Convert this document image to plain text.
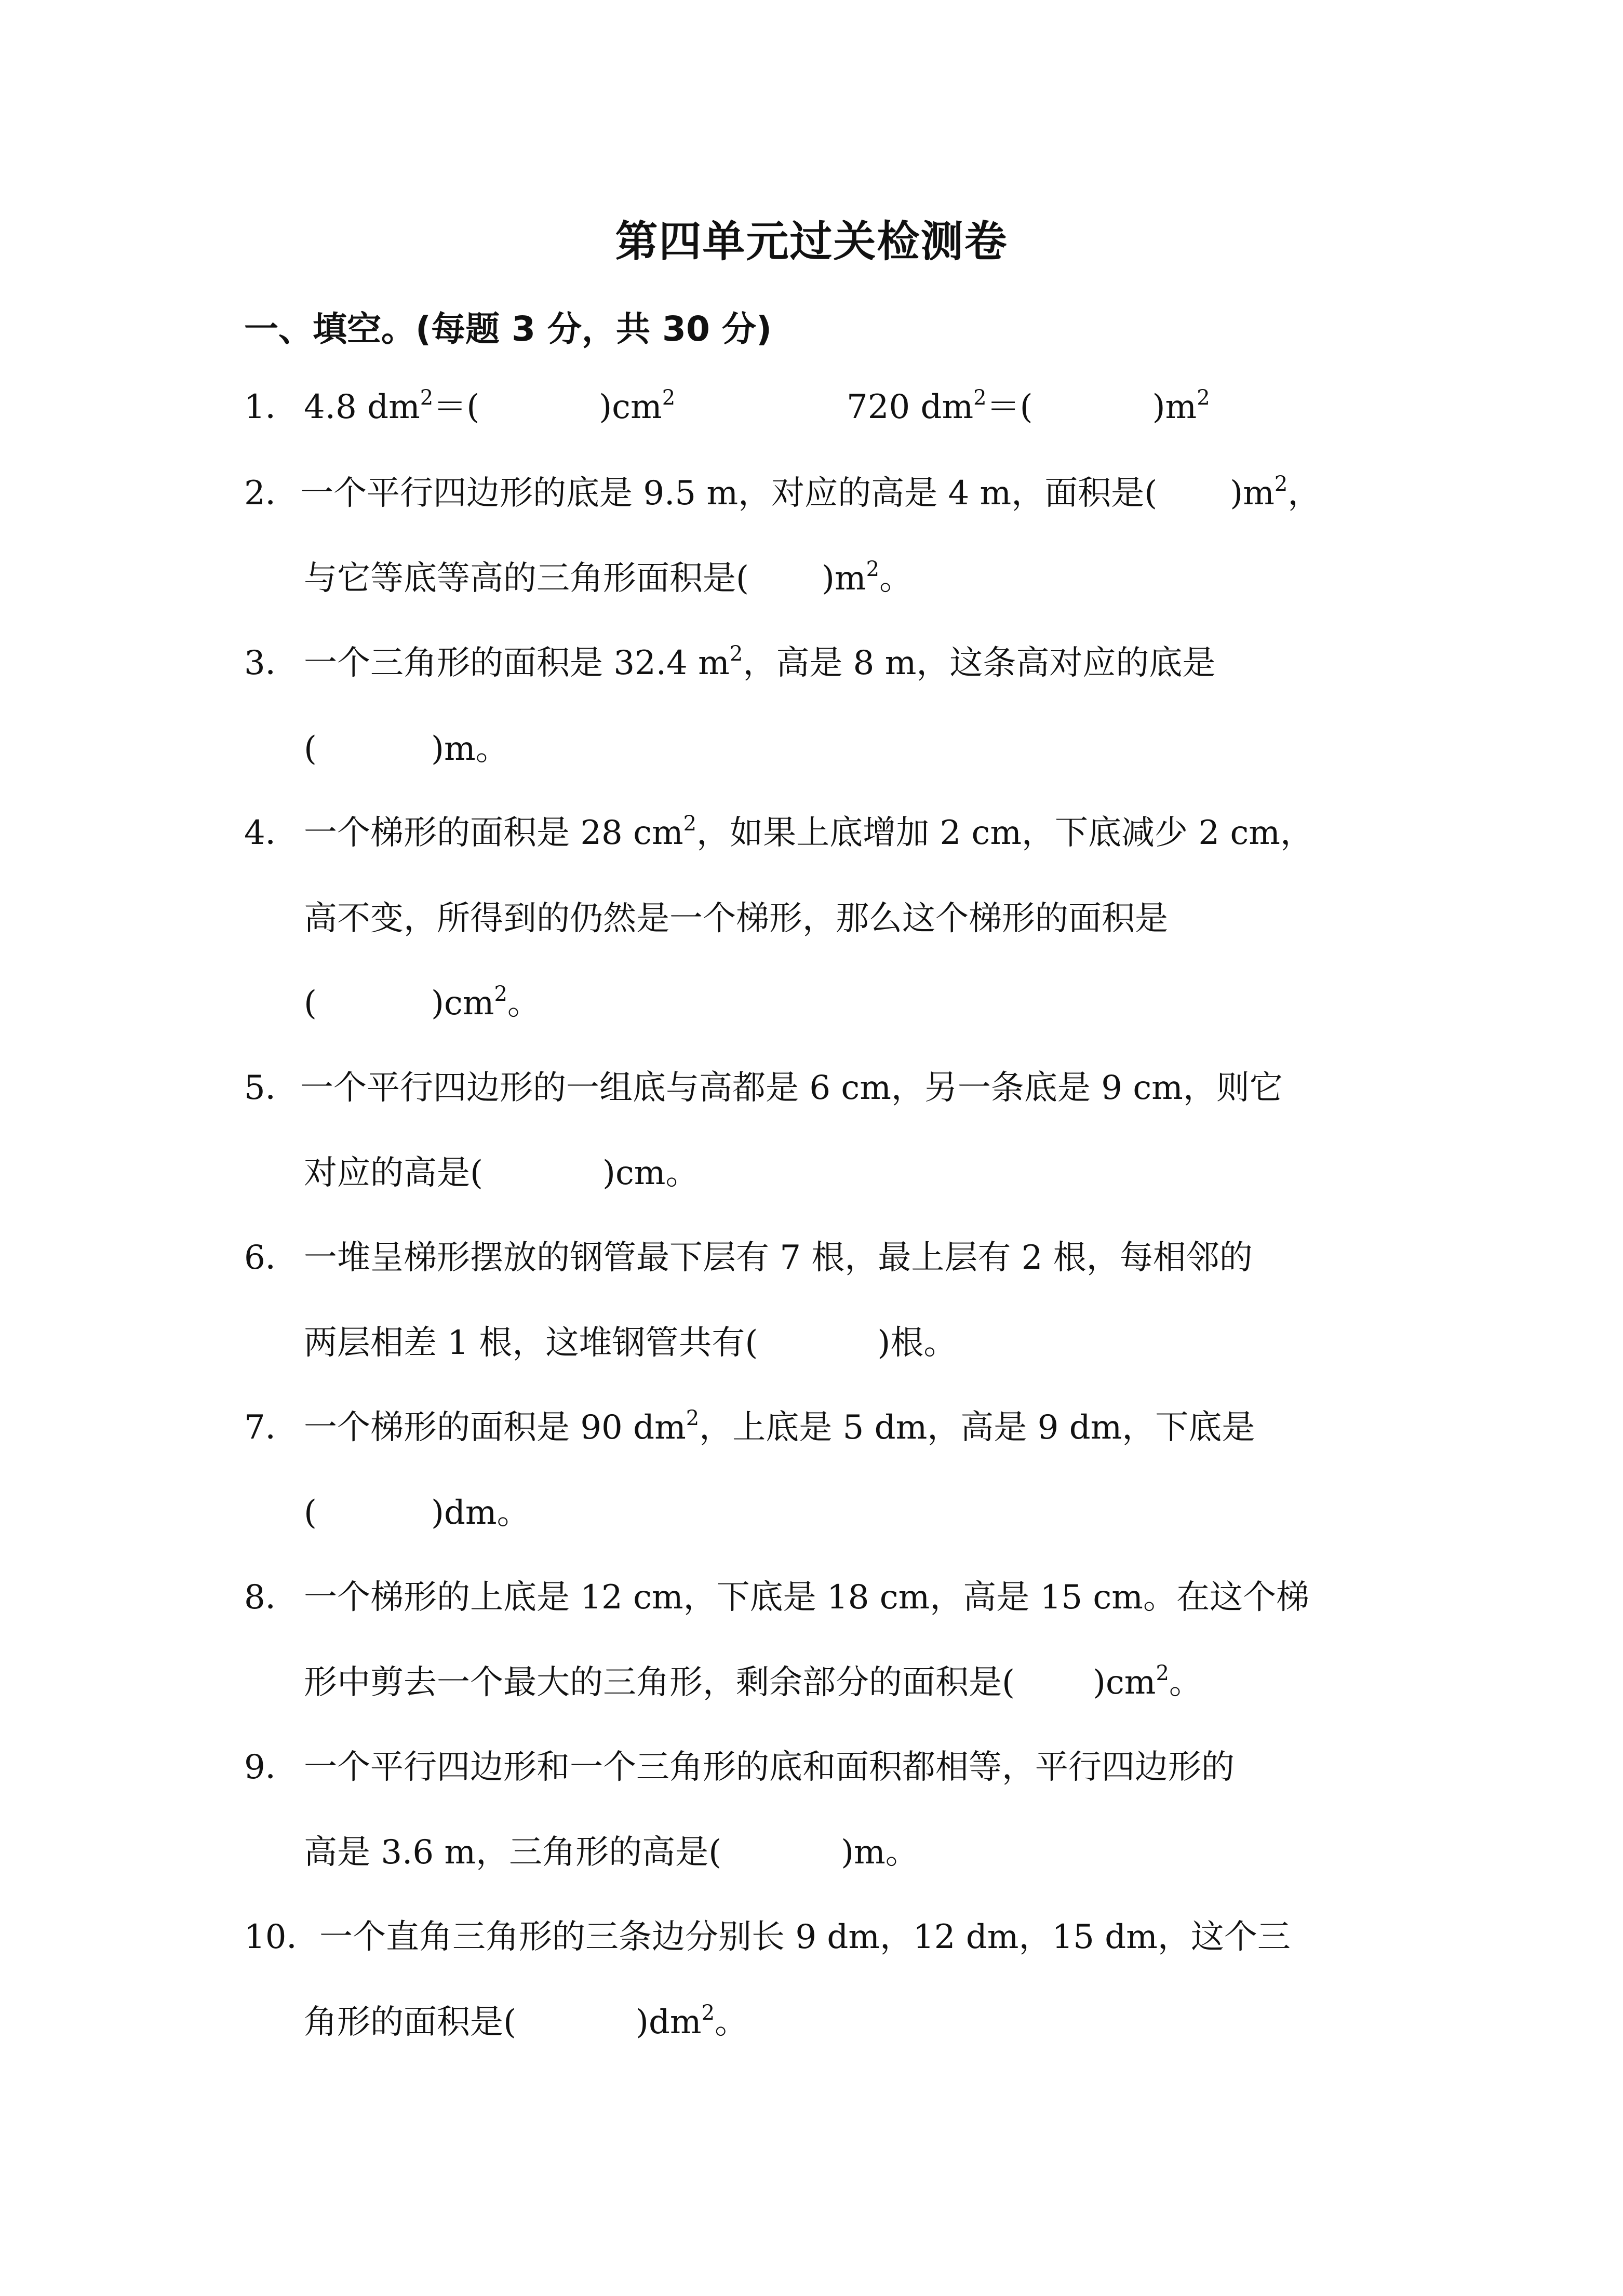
第四单元过关检测卷
一、填空。(每题 3 分，共 30 分)
1． 4.8 $dm^2=$(	)$cm^2$	720 $dm^2=$(	)$m^2$
2． 一个平行四边形的底是 9.5 m，对应的高是 4 m，面积是( )$m^2$，
与它等底等高的三角形面积是( )$m^2$。
3． 一个三角形的面积是 32.4 $m^2$，高是 8 m，这条高对应的底是
(	)m。
4． 一个梯形的面积是 28 $cm^2$，如果上底增加 2 cm，下底减少 2 cm，
高不变，所得到的仍然是一个梯形，那么这个梯形的面积是
(	)$cm^2$。
5． 一个平行四边形的一组底与高都是 6 cm，另一条底是 9 cm，则它
对应的高是(	)cm。
6． 一堆呈梯形摆放的钢管最下层有 7 根，最上层有 2 根，每相邻的
两层相差 1 根，这堆钢管共有(	)根。
7． 一个梯形的面积是 90 $dm^2$，上底是 5 dm，高是 9 dm，下底是
(	)dm。
8． 一个梯形的上底是 12 cm，下底是 18 cm，高是 15 cm。在这个梯
形中剪去一个最大的三角形，剩余部分的面积是( )$cm^2$。
9． 一个平行四边形和一个三角形的底和面积都相等，平行四边形的
高是 3.6 m，三角形的高是(	)m。
10． 一个直角三角形的三条边分别长 9 dm，12 dm，15 dm，这个三
角形的面积是(	)$dm^2$。
